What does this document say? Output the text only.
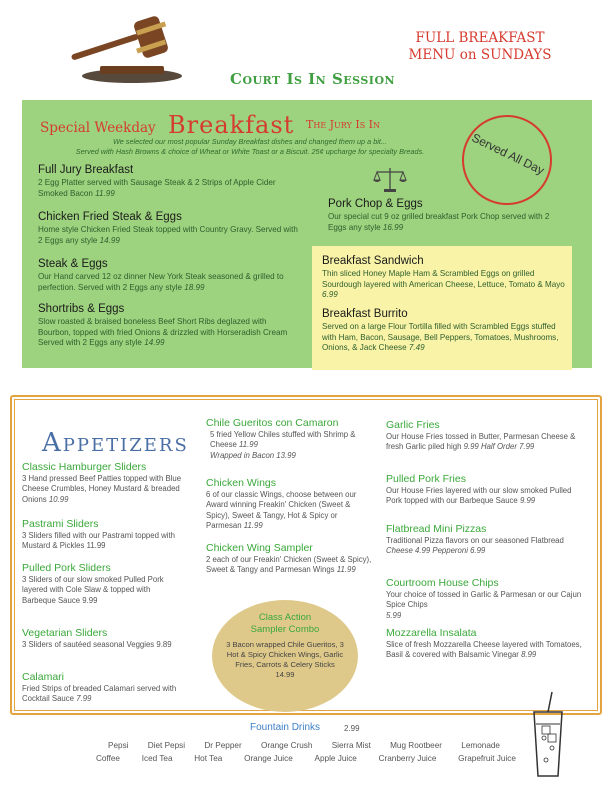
Court Is In Session
FULL BREAKFAST
MENU on SUNDAYS
Special Weekday Breakfast The Jury Is In
We selected our most popular Sunday Breakfast dishes and changed them up a bit...
Served with Hash Browns & choice of Wheat or White Toast or a Biscuit. 25¢ upcharge for specialty Breads.	Served All Day
Full Jury Breakfast
2 Egg Platter served with Sausage Steak & 2 Strips of Apple Cider Smoked Bacon 11.99
Chicken Fried Steak & Eggs
Home style Chicken Fried Steak topped with Country Gravy. Served with 2 Eggs any style 14.99
Steak & Eggs
Our Hand carved 12 oz dinner New York Steak seasoned & grilled to perfection. Served with 2 Eggs any style 18.99
Shortribs & Eggs
Slow roasted & braised boneless Beef Short Ribs deglazed with Bourbon, topped with fried Onions & drizzled with Horseradish Cream Served with 2 Eggs any style 14.99
Pork Chop & Eggs
Our special cut 9 oz grilled breakfast Pork Chop served with 2 Eggs any style 16.99
Breakfast Sandwich
Thin sliced Honey Maple Ham & Scrambled Eggs on grilled Sourdough layered with American Cheese, Lettuce, Tomato & Mayo 6.99
Breakfast Burrito
Served on a large Flour Tortilla filled with Scrambled Eggs stuffed with Ham, Bacon, Sausage, Bell Peppers, Tomatoes, Mushrooms, Onions, & Jack Cheese 7.49
Appetizers
Classic Hamburger Sliders
3 Hand pressed Beef Patties topped with Blue Cheese Crumbles, Honey Mustard & breaded Onions 10.99
Pastrami Sliders
3 Sliders filled with our Pastrami topped with Mustard & Pickles 11.99
Pulled Pork Sliders
3 Sliders of our slow smoked Pulled Pork layered with Cole Slaw & topped with Barbeque Sauce 9.99
Vegetarian Sliders
3 Sliders of sautéed seasonal Veggies 9.89
Calamari
Fried Strips of breaded Calamari served with Cocktail Sauce 7.99
Chile Gueritos con Camaron
5 fried Yellow Chiles stuffed with Shrimp & Cheese 11.99
Wrapped in Bacon 13.99
Chicken Wings
6 of our classic Wings, choose between our Award winning Freakin' Chicken (Sweet & Spicy), Sweet & Tangy, Hot & Spicy or Parmesan 11.99
Chicken Wing Sampler
2 each of our Freakin' Chicken (Sweet & Spicy), Sweet & Tangy and Parmesan Wings 11.99
Class Action
Sampler Combo
3 Bacon wrapped Chile Gueritos, 3 Hot & Spicy Chicken Wings, Garlic Fries, Carrots & Celery Sticks
14.99
Garlic Fries
Our House Fries tossed in Butter, Parmesan Cheese & fresh Garlic piled high 9.99 Half Order 7.99
Pulled Pork Fries
Our House Fries layered with our slow smoked Pulled Pork topped with our Barbeque Sauce 9.99
Flatbread Mini Pizzas
Traditional Pizza flavors on our seasoned Flatbread
Cheese 4.99 Pepperoni 6.99
Courtroom House Chips
Your choice of tossed in Garlic & Parmesan or our Cajun Spice Chips
5.99
Mozzarella Insalata
Slice of fresh Mozzarella Cheese layered with Tomatoes, Basil & covered with Balsamic Vinegar 8.99
Fountain Drinks	2.99
Pepsi Diet Pepsi Dr Pepper Orange Crush Sierra Mist Mug Rootbeer Lemonade
Coffee	Iced Tea	Hot Tea	Orange Juice	Apple Juice	Cranberry Juice	Grapefruit Juice
